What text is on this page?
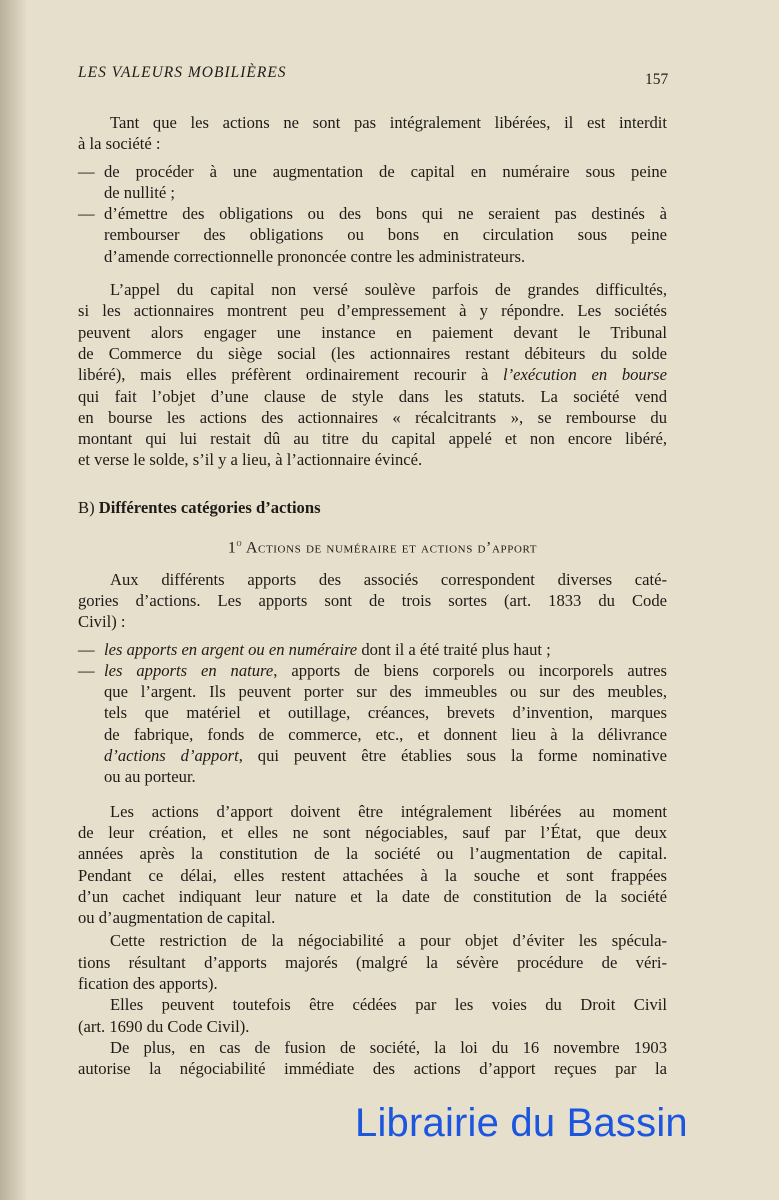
LES VALEURS MOBILIÈRES	157
Tant que les actions ne sont pas intégralement libérées, il est interdit
à la société :
— de procéder à une augmentation de capital en numéraire sous peine
de nullité ;
— d’émettre des obligations ou des bons qui ne seraient pas destinés à
rembourser des obligations ou bons en circulation sous peine
d’amende correctionnelle prononcée contre les administrateurs.
L’appel du capital non versé soulève parfois de grandes difficultés,
si les actionnaires montrent peu d’empressement à y répondre. Les sociétés
peuvent alors engager une instance en paiement devant le Tribunal
de Commerce du siège social (les actionnaires restant débiteurs du solde
libéré), mais elles préfèrent ordinairement recourir à l’exécution en bourse
qui fait l’objet d’une clause de style dans les statuts. La société vend
en bourse les actions des actionnaires « récalcitrants », se rembourse du
montant qui lui restait dû au titre du capital appelé et non encore libéré,
et verse le solde, s’il y a lieu, à l’actionnaire évincé.
B) Différentes catégories d’actions
1$^o$ Actions de numéraire et actions d’apport
Aux différents apports des associés correspondent diverses caté-
gories d’actions. Les apports sont de trois sortes (art. 1833 du Code
Civil) :
— les apports en argent ou en numéraire dont il a été traité plus haut ;
— les apports en nature, apports de biens corporels ou incorporels autres
que l’argent. Ils peuvent porter sur des immeubles ou sur des meubles,
tels que matériel et outillage, créances, brevets d’invention, marques
de fabrique, fonds de commerce, etc., et donnent lieu à la délivrance
d’actions d’apport, qui peuvent être établies sous la forme nominative
ou au porteur.
Les actions d’apport doivent être intégralement libérées au moment
de leur création, et elles ne sont négociables, sauf par l’État, que deux
années après la constitution de la société ou l’augmentation de capital.
Pendant ce délai, elles restent attachées à la souche et sont frappées
d’un cachet indiquant leur nature et la date de constitution de la société
ou d’augmentation de capital.
Cette restriction de la négociabilité a pour objet d’éviter les spécula-
tions résultant d’apports majorés (malgré la sévère procédure de véri-
fication des apports).
Elles peuvent toutefois être cédées par les voies du Droit Civil
(art. 1690 du Code Civil).
De plus, en cas de fusion de société, la loi du 16 novembre 1903
autorise la négociabilité immédiate des actions d’apport reçues par la
Librairie du Bassin
